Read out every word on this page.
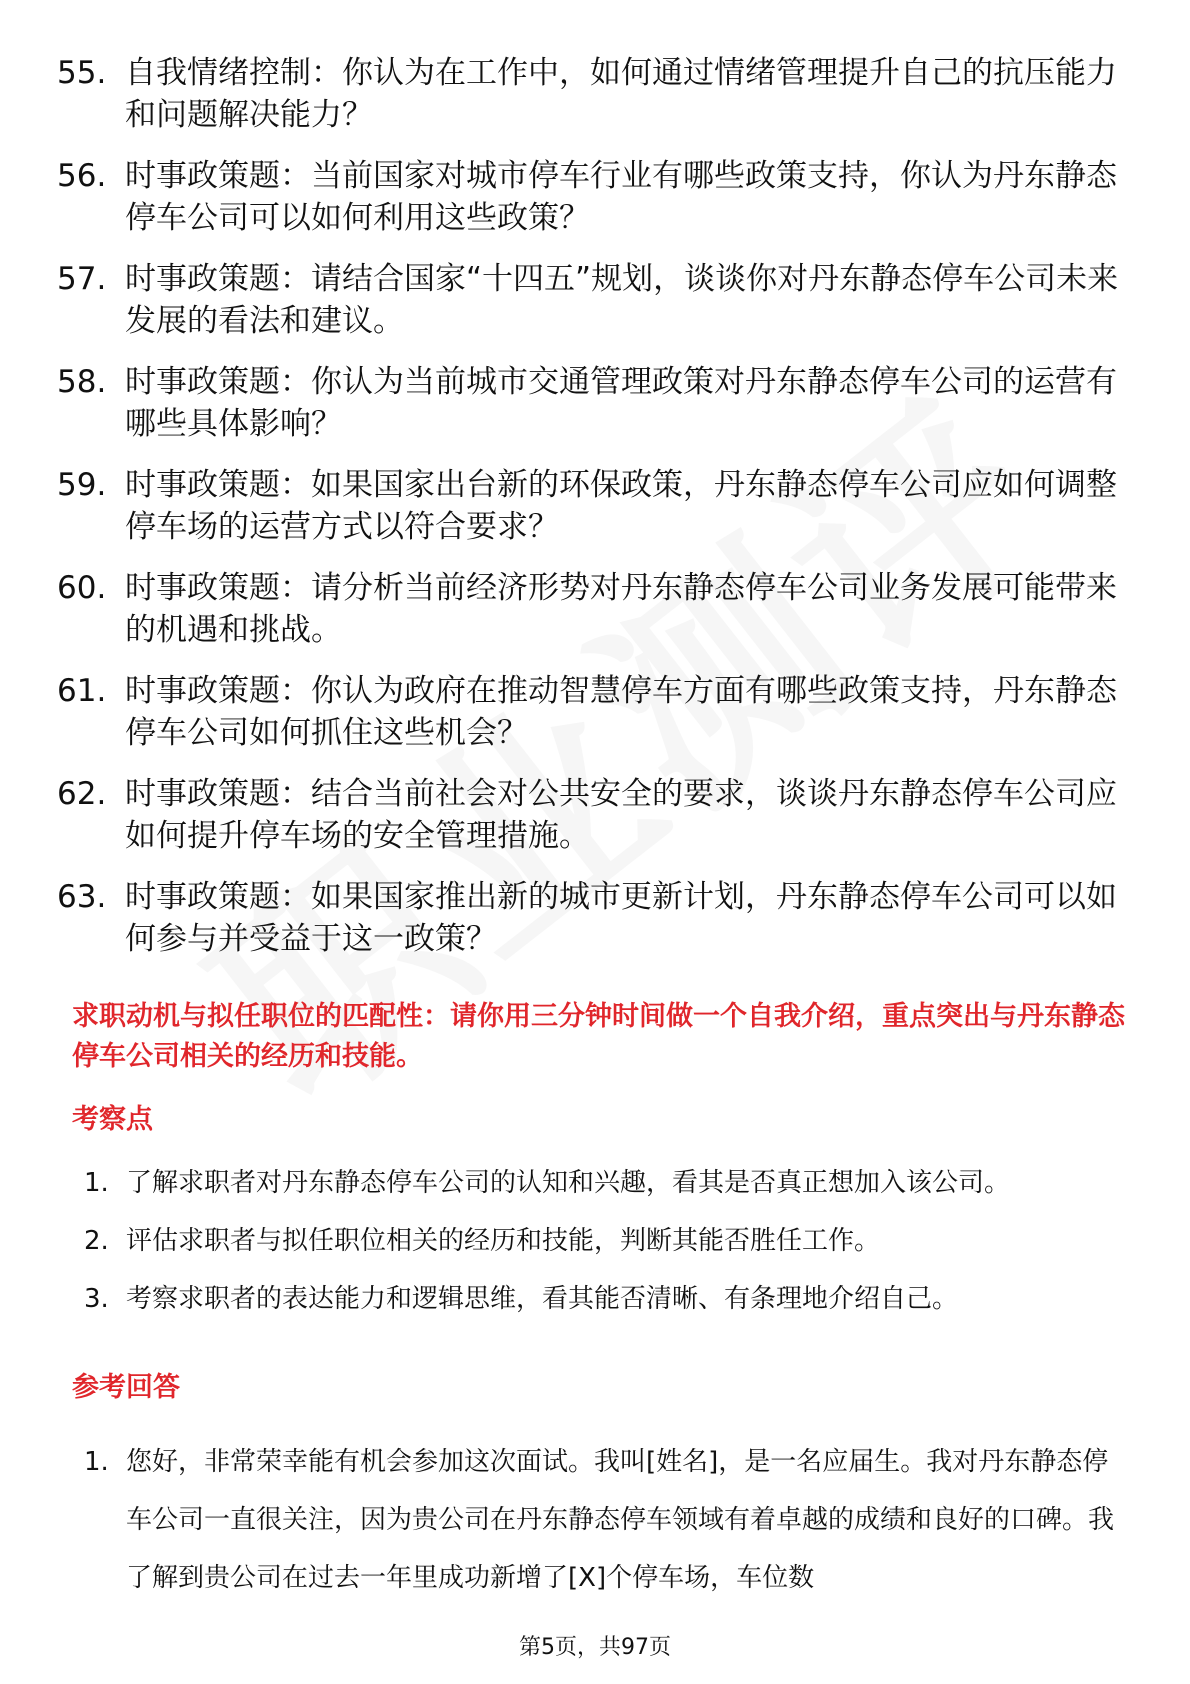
55. 自我情绪控制：你认为在工作中，如何通过情绪管理提升自己的抗压能力和问题解决能力？
56. 时事政策题：当前国家对城市停车行业有哪些政策支持，你认为丹东静态停车公司可以如何利用这些政策？
57. 时事政策题：请结合国家“十四五”规划，谈谈你对丹东静态停车公司未来发展的看法和建议。
58. 时事政策题：你认为当前城市交通管理政策对丹东静态停车公司的运营有哪些具体影响？
59. 时事政策题：如果国家出台新的环保政策，丹东静态停车公司应如何调整停车场的运营方式以符合要求？
60. 时事政策题：请分析当前经济形势对丹东静态停车公司业务发展可能带来的机遇和挑战。
61. 时事政策题：你认为政府在推动智慧停车方面有哪些政策支持，丹东静态停车公司如何抓住这些机会？
62. 时事政策题：结合当前社会对公共安全的要求，谈谈丹东静态停车公司应如何提升停车场的安全管理措施。
63. 时事政策题：如果国家推出新的城市更新计划，丹东静态停车公司可以如何参与并受益于这一政策？
求职动机与拟任职位的匹配性：请你用三分钟时间做一个自我介绍，重点突出与丹东静态停车公司相关的经历和技能。
考察点
1. 了解求职者对丹东静态停车公司的认知和兴趣，看其是否真正想加入该公司。
2. 评估求职者与拟任职位相关的经历和技能，判断其能否胜任工作。
3. 考察求职者的表达能力和逻辑思维，看其能否清晰、有条理地介绍自己。
参考回答
1. 您好，非常荣幸能有机会参加这次面试。我叫[姓名]，是一名应届生。我对丹东静态停车公司一直很关注，因为贵公司在丹东静态停车领域有着卓越的成绩和良好的口碑。我了解到贵公司在过去一年里成功新增了[X]个停车场，车位数
第5页，共97页
